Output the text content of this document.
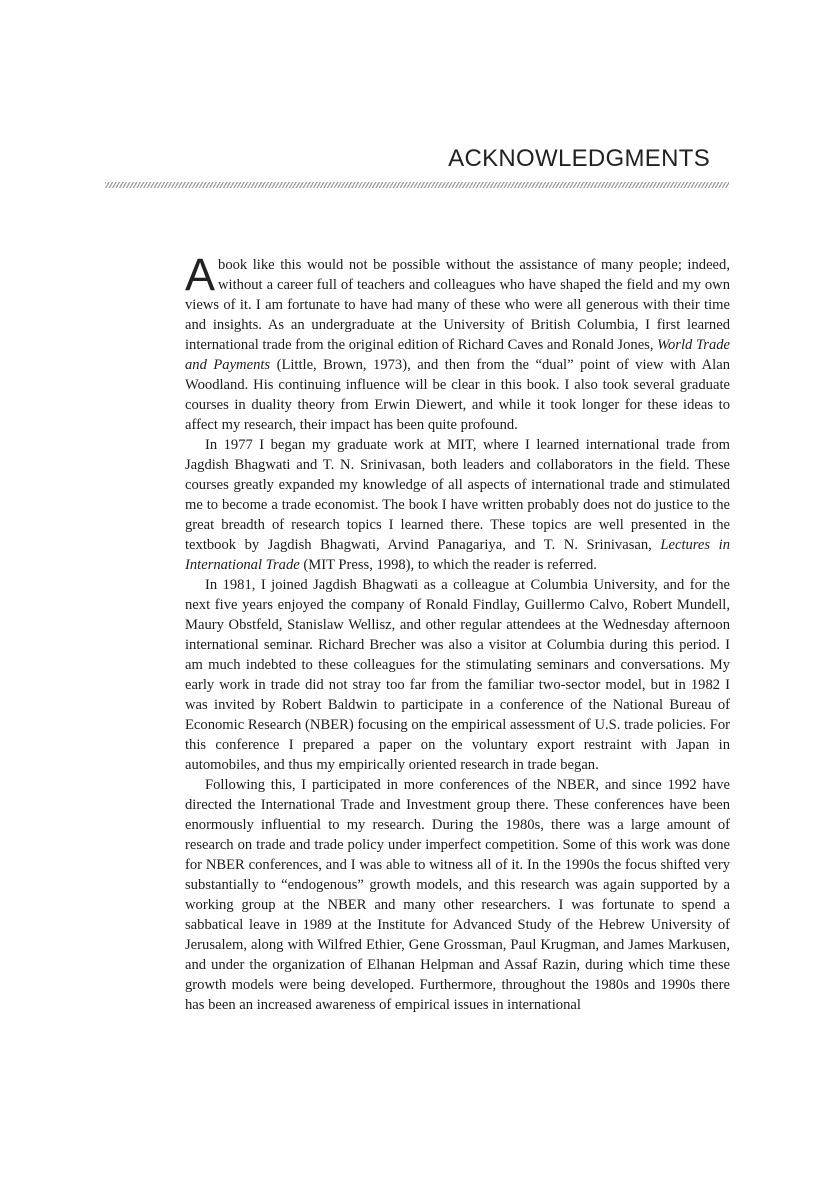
ACKNOWLEDGMENTS

A book like this would not be possible without the assistance of many people; indeed, without a career full of teachers and colleagues who have shaped the field and my own views of it. I am fortunate to have had many of these who were all generous with their time and insights. As an undergraduate at the University of British Columbia, I first learned international trade from the original edition of Richard Caves and Ronald Jones, World Trade and Payments (Little, Brown, 1973), and then from the “dual” point of view with Alan Woodland. His continuing influence will be clear in this book. I also took several graduate courses in duality theory from Erwin Diewert, and while it took longer for these ideas to affect my research, their impact has been quite profound.

In 1977 I began my graduate work at MIT, where I learned international trade from Jagdish Bhagwati and T. N. Srinivasan, both leaders and collaborators in the field. These courses greatly expanded my knowledge of all aspects of international trade and stimulated me to become a trade economist. The book I have written probably does not do justice to the great breadth of research topics I learned there. These topics are well presented in the textbook by Jagdish Bhagwati, Arvind Panagariya, and T. N. Srinivasan, Lectures in International Trade (MIT Press, 1998), to which the reader is referred.

In 1981, I joined Jagdish Bhagwati as a colleague at Columbia University, and for the next five years enjoyed the company of Ronald Findlay, Guillermo Calvo, Robert Mundell, Maury Obstfeld, Stanislaw Wellisz, and other regular attendees at the Wednesday afternoon international seminar. Richard Brecher was also a visitor at Columbia during this period. I am much indebted to these colleagues for the stimulating seminars and conversations. My early work in trade did not stray too far from the familiar two-sector model, but in 1982 I was invited by Robert Baldwin to participate in a conference of the National Bureau of Economic Research (NBER) focusing on the empirical assessment of U.S. trade policies. For this conference I prepared a paper on the voluntary export restraint with Japan in automobiles, and thus my empirically oriented research in trade began.

Following this, I participated in more conferences of the NBER, and since 1992 have directed the International Trade and Investment group there. These conferences have been enormously influential to my research. During the 1980s, there was a large amount of research on trade and trade policy under imperfect competition. Some of this work was done for NBER conferences, and I was able to witness all of it. In the 1990s the focus shifted very substantially to “endogenous” growth models, and this research was again supported by a working group at the NBER and many other researchers. I was fortunate to spend a sabbatical leave in 1989 at the Institute for Advanced Study of the Hebrew University of Jerusalem, along with Wilfred Ethier, Gene Grossman, Paul Krugman, and James Markusen, and under the organization of Elhanan Helpman and Assaf Razin, during which time these growth models were being developed. Furthermore, throughout the 1980s and 1990s there has been an increased awareness of empirical issues in international
